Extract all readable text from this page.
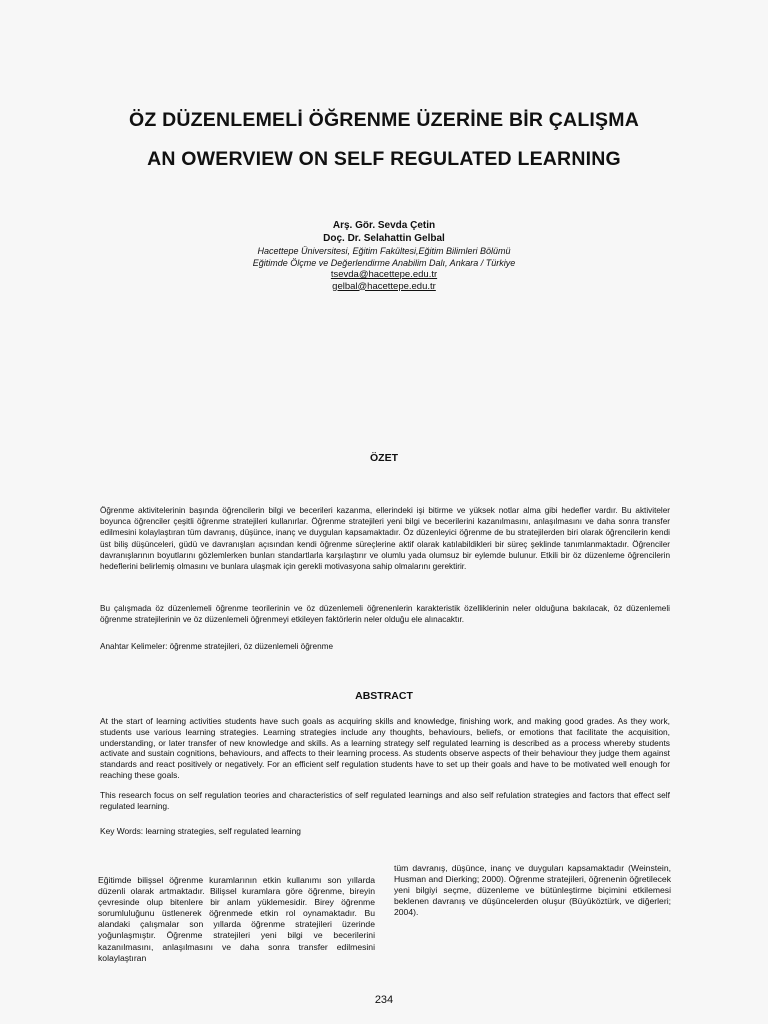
ÖZ DÜZENLEMELİ ÖĞRENME ÜZERİNE BİR ÇALIŞMA
AN OWERVIEW ON SELF REGULATED LEARNING
Arş. Gör. Sevda Çetin
Doç. Dr. Selahattin Gelbal
Hacettepe Üniversitesi, Eğitim Fakültesi,Eğitim Bilimleri Bölümü
Eğitimde Ölçme ve Değerlendirme Anabilim Dalı, Ankara / Türkiye
tsevda@hacettepe.edu.tr
gelbal@hacettepe.edu.tr
ÖZET

Öğrenme aktivitelerinin başında öğrencilerin bilgi ve becerileri kazanma, ellerindeki işi bitirme ve yüksek notlar alma gibi hedefler vardır. Bu aktiviteler boyunca öğrenciler çeşitli öğrenme stratejileri kullanırlar. Öğrenme stratejileri yeni bilgi ve becerilerini kazanılmasını, anlaşılmasını ve daha sonra transfer edilmesini kolaylaştıran tüm davranış, düşünce, inanç ve duygulan kapsamaktadır. Öz düzenleyici öğrenme de bu stratejilerden biri olarak öğrencilerin kendi üst biliş düşünceleri, güdü ve davranışları açısından kendi öğrenme süreçlerine aktif olarak katılabildikleri bir süreç şeklinde tanımlanmaktadır. Öğrenciler davranışlarının boyutlarını gözlemlerken bunları standartlarla karşılaştırır ve olumlu yada olumsuz bir eylemde bulunur. Etkili bir öz düzenleme öğrencilerin hedeflerini belirlemiş olmasını ve bunlara ulaşmak için gerekli motivasyona sahip olmalarını gerektirir.

Bu çalışmada öz düzenlemeli öğrenme teorilerinin ve öz düzenlemeli öğrenenlerin karakteristik özelliklerinin neler olduğuna bakılacak, öz düzenlemeli öğrenme stratejilerinin ve öz düzenlemeli öğrenmeyi etkileyen faktörlerin neler olduğu ele alınacaktır.

Anahtar Kelimeler: öğrenme stratejileri, öz düzenlemeli öğrenme

ABSTRACT

At the start of learning activities students have such goals as acquiring skills and knowledge, finishing work, and making good grades. As they work, students use various learning strategies. Learning strategies include any thoughts, behaviours, beliefs, or emotions that facilitate the acquisition, understanding, or later transfer of new knowledge and skills. As a learning strategy self regulated learning is described as a process whereby students activate and sustain cognitions, behaviours, and affects to their learning process. As students observe aspects of their behaviour they judge them against standards and react positively or negatively. For an efficient self regulation students have to set up their goals and have to be motivated well enough for reaching these goals.

This research focus on self regulation teories and characteristics of self regulated learnings and also self refulation strategies and factors that effect self regulated learning.

Key Words: learning strategies, self regulated learning

Eğitimde bilişsel öğrenme kuramlarının etkin kullanımı son yıllarda düzenli olarak artmaktadır. Bilişsel kuramlara göre öğrenme, bireyin çevresinde olup bitenlere bir anlam yüklemesidir. Birey öğrenme sorumluluğunu üstlenerek öğrenmede etkin rol oynamaktadır. Bu alandaki çalışmalar son yıllarda öğrenme stratejileri üzerinde yoğunlaşmıştır. Öğrenme stratejileri yeni bilgi ve becerilerini kazanılmasını, anlaşılmasını ve daha sonra transfer edilmesini kolaylaştıran

tüm davranış, düşünce, inanç ve duyguları kapsamaktadır (Weinstein, Husman and Dierking; 2000). Öğrenme stratejileri, öğrenenin öğretilecek yeni bilgiyi seçme, düzenleme ve bütünleştirme biçimini etkilemesi beklenen davranış ve düşüncelerden oluşur (Büyüköztürk, ve diğerleri; 2004).

234
